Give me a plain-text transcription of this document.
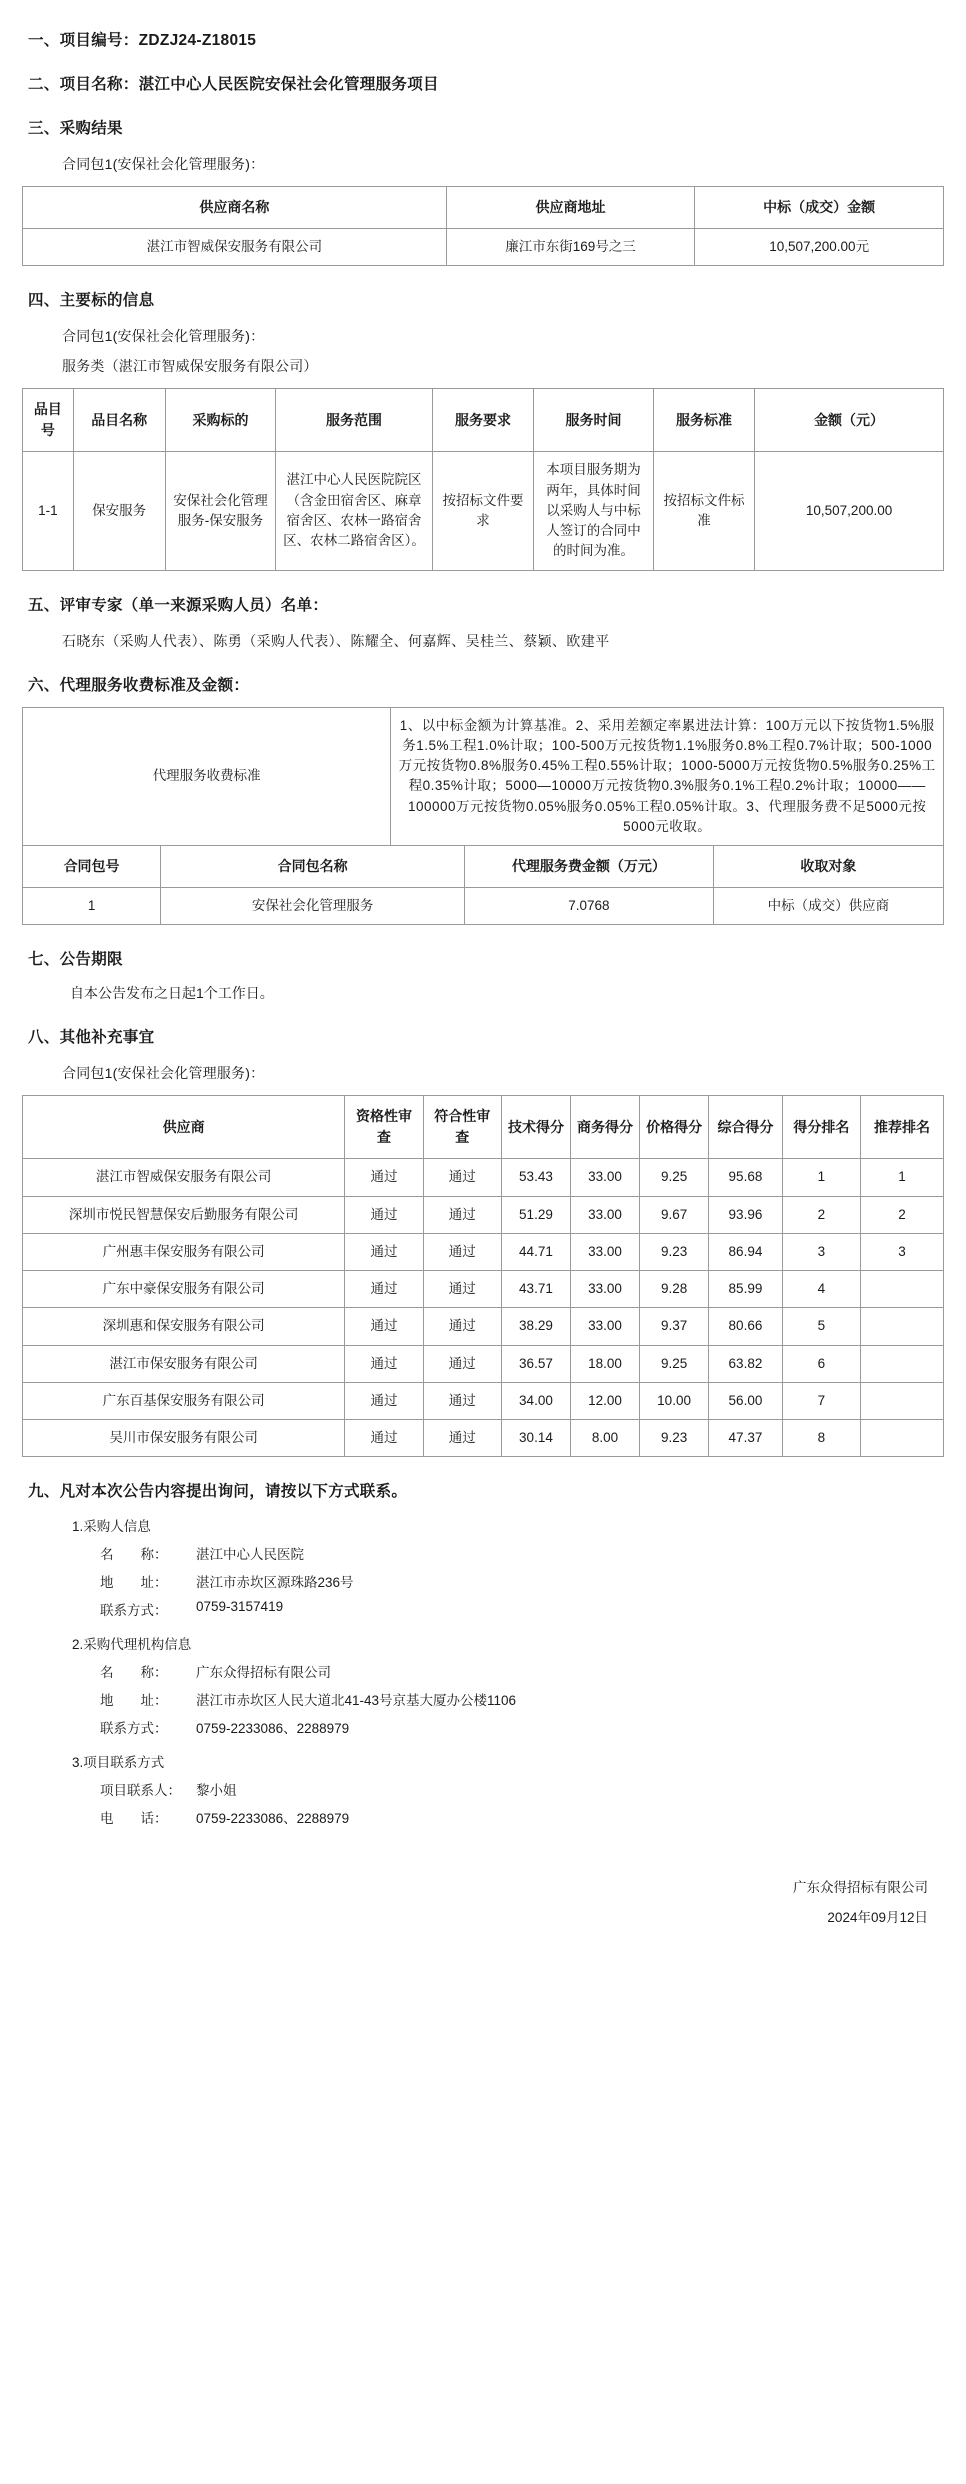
一、项目编号：ZDZJ24-Z18015
二、项目名称：湛江中心人民医院安保社会化管理服务项目
三、采购结果
合同包1(安保社会化管理服务)：
供应商名称	供应商地址	中标（成交）金额
湛江市智威保安服务有限公司	廉江市东街169号之三	10,507,200.00元
四、主要标的信息
合同包1(安保社会化管理服务)：
服务类（湛江市智威保安服务有限公司）
品目号	品目名称	采购标的	服务范围	服务要求	服务时间	服务标准	金额（元）
1-1	保安服务	安保社会化管理服务-保安服务	湛江中心人民医院院区（含金田宿舍区、麻章宿舍区、农林一路宿舍区、农林二路宿舍区）。	按招标文件要求	本项目服务期为两年，具体时间以采购人与中标人签订的合同中的时间为准。	按招标文件标准	10,507,200.00
五、评审专家（单一来源采购人员）名单：
石晓东（采购人代表）、陈勇（采购人代表）、陈耀全、何嘉辉、吴桂兰、蔡颖、欧建平
六、代理服务收费标准及金额：
代理服务收费标准	1、以中标金额为计算基准。2、采用差额定率累进法计算：100万元以下按货物1.5%服务1.5%工程1.0%计取；100-500万元按货物1.1%服务0.8%工程0.7%计取；500-1000万元按货物0.8%服务0.45%工程0.55%计取；1000-5000万元按货物0.5%服务0.25%工程0.35%计取；5000—10000万元按货物0.3%服务0.1%工程0.2%计取；10000——100000万元按货物0.05%服务0.05%工程0.05%计取。3、代理服务费不足5000元按5000元收取。
合同包号	合同包名称	代理服务费金额（万元）	收取对象
1	安保社会化管理服务	7.0768	中标（成交）供应商
七、公告期限
自本公告发布之日起1个工作日。
八、其他补充事宜
合同包1(安保社会化管理服务)：
供应商	资格性审查	符合性审查	技术得分	商务得分	价格得分	综合得分	得分排名	推荐排名
湛江市智威保安服务有限公司	通过	通过	53.43	33.00	9.25	95.68	1	1
深圳市悦民智慧保安后勤服务有限公司	通过	通过	51.29	33.00	9.67	93.96	2	2
广州惠丰保安服务有限公司	通过	通过	44.71	33.00	9.23	86.94	3	3
广东中豪保安服务有限公司	通过	通过	43.71	33.00	9.28	85.99	4	
深圳惠和保安服务有限公司	通过	通过	38.29	33.00	9.37	80.66	5	
湛江市保安服务有限公司	通过	通过	36.57	18.00	9.25	63.82	6	
广东百基保安服务有限公司	通过	通过	34.00	12.00	10.00	56.00	7	
吴川市保安服务有限公司	通过	通过	30.14	8.00	9.23	47.37	8	
九、凡对本次公告内容提出询问，请按以下方式联系。
1.采购人信息
名　　称：	湛江中心人民医院
地　　址：	湛江市赤坎区源珠路236号
联系方式：	0759-3157419
2.采购代理机构信息
名　　称：	广东众得招标有限公司
地　　址：	湛江市赤坎区人民大道北41-43号京基大厦办公楼1106
联系方式：	0759-2233086、2288979
3.项目联系方式
项目联系人：	黎小姐
电　　话：	0759-2233086、2288979
广东众得招标有限公司
2024年09月12日
